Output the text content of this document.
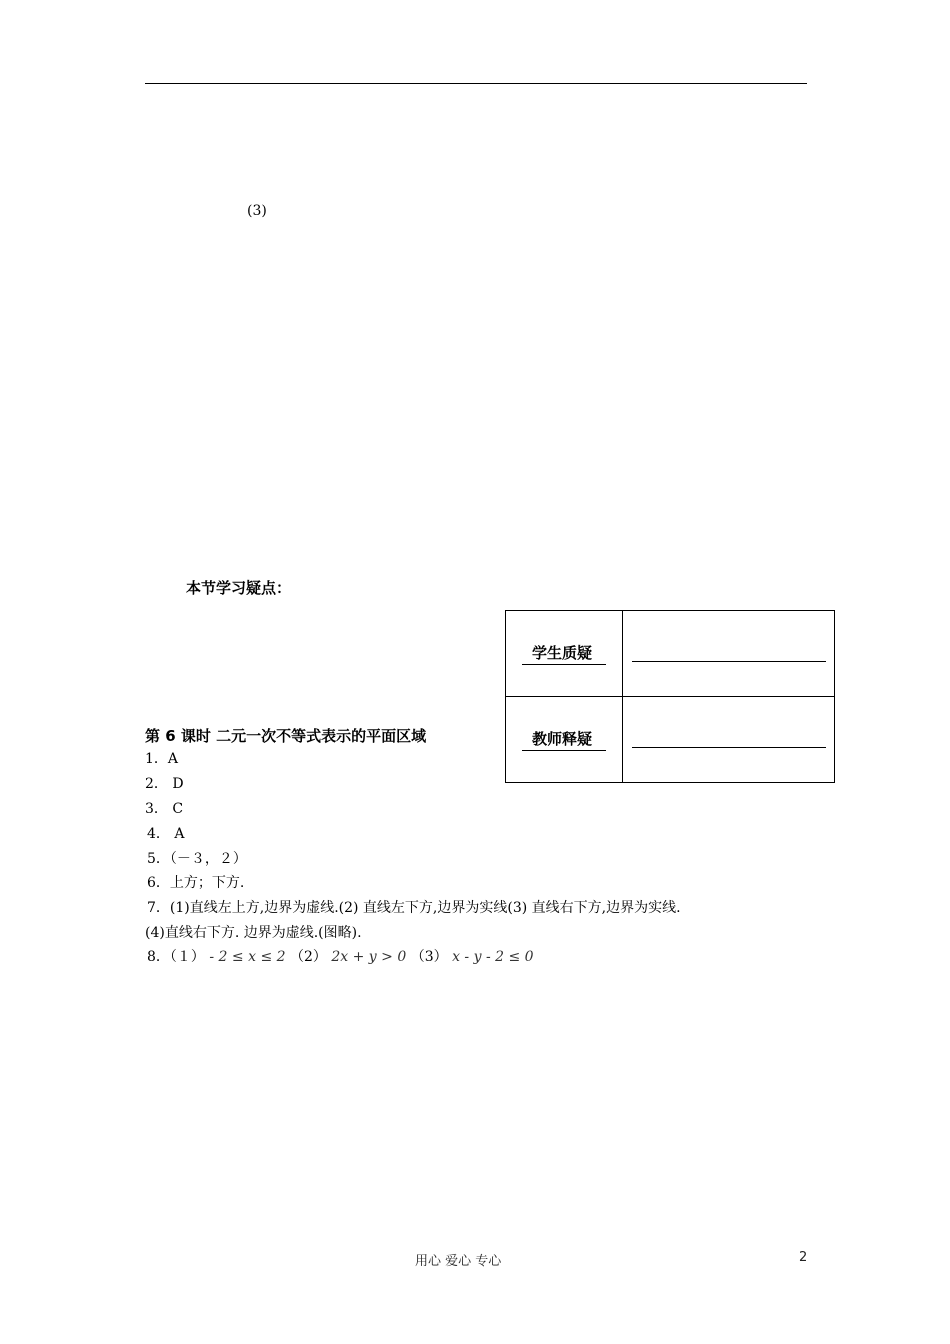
(3)
本节学习疑点：
学生质疑	

教师释疑	
第 6 课时 二元一次不等式表示的平面区域
1．A
2． D
3． C
4． A
5．（－３，２）
6．上方；下方.
7．(1)直线左上方,边界为虚线.(2) 直线左下方,边界为实线(3) 直线右下方,边界为实线.
(4)直线右下方. 边界为虚线.(图略).
8．（１） - 2 ≤ x ≤ 2 （2） 2x + y > 0 （3） x - y - 2 ≤ 0
用心 爱心 专心	2
